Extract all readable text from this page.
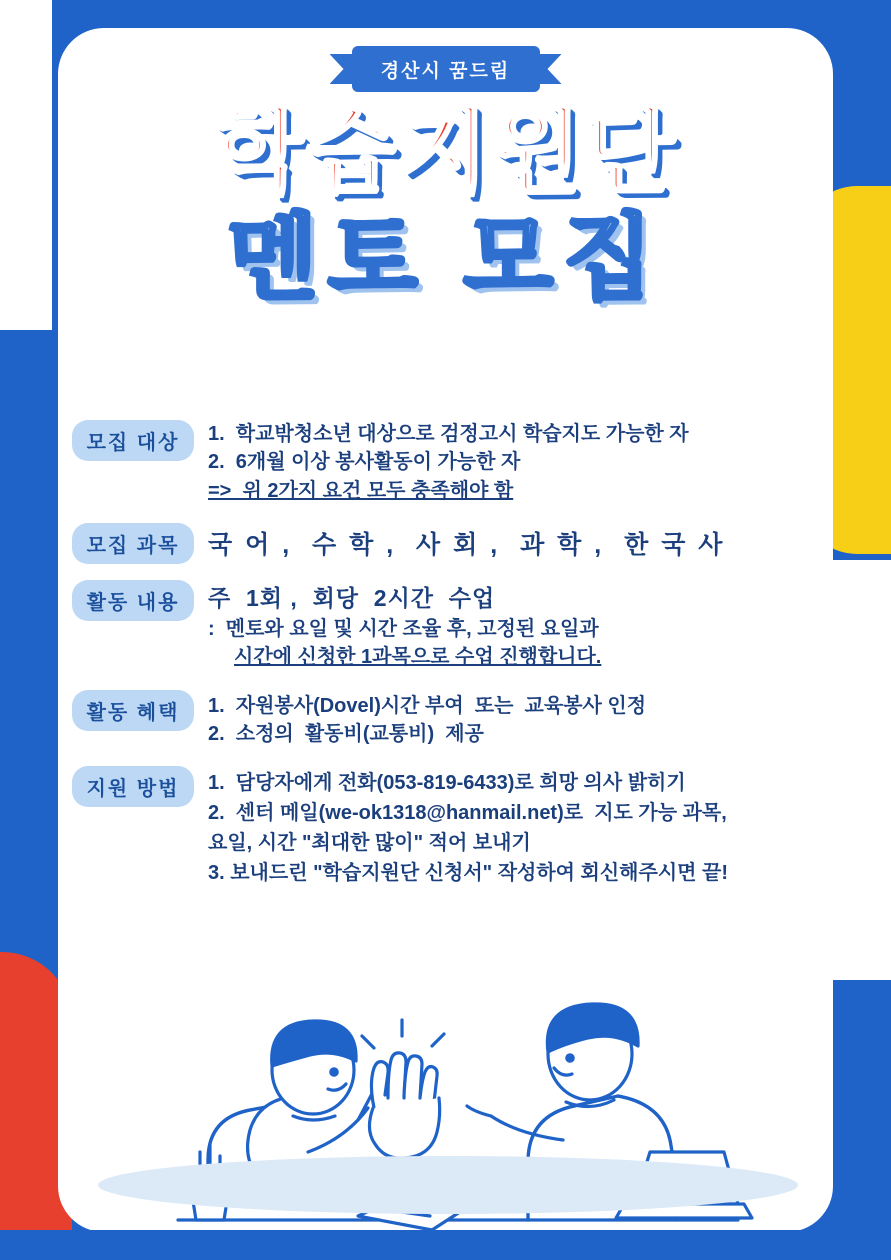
경산시 꿈드림
학습지원단
멘토 모집
모집 대상	1.  학교밖청소년 대상으로 검정고시 학습지도 가능한 자

2.  6개월 이상 봉사활동이 가능한 자

=>  위 2가지 요건 모두 충족해야 함

모집 과목	국 어 ,  수 학 ,  사 회 ,  과 학 ,  한 국 사

활동 내용	주  1회 ,  회당  2시간  수업

:  멘토와 요일 및 시간 조율 후, 고정된 요일과

시간에 신청한 1과목으로 수업 진행합니다.

활동 혜택	1.  자원봉사(Dovel)시간 부여  또는  교육봉사 인정

2.  소정의  활동비(교통비)  제공

지원 방법	1.  담당자에게 전화(053-819-6433)로 희망 의사 밝히기

2.  센터 메일(we-ok1318@hanmail.net)로  지도 가능 과목,

요일, 시간 "최대한 많이" 적어 보내기

3. 보내드린 "학습지원단 신청서" 작성하여 회신해주시면 끝!
